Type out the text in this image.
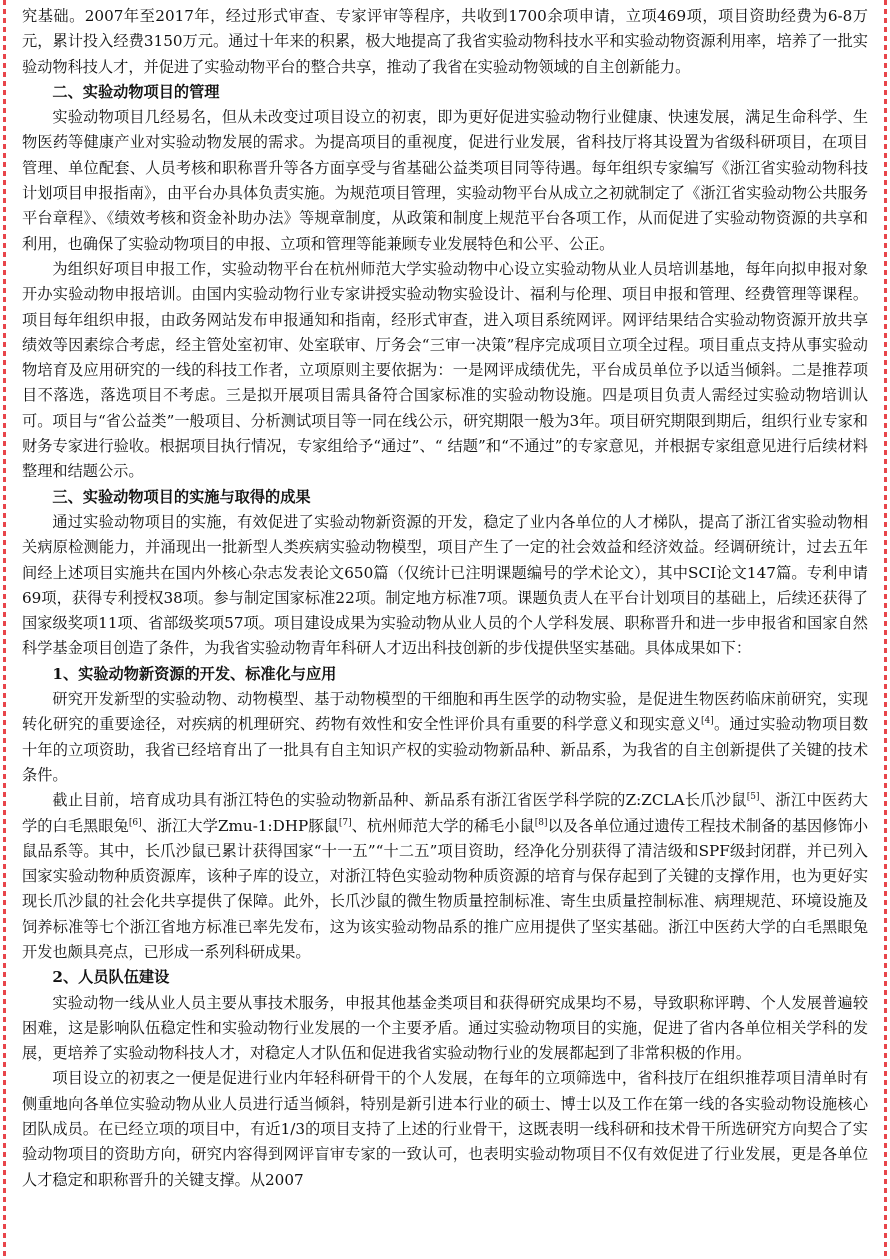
究基础。2007年至2017年，经过形式审查、专家评审等程序，共收到1700余项申请，立项469项，项目资助经费为6-8万元，累计投入经费3150万元。通过十年来的积累，极大地提高了我省实验动物科技水平和实验动物资源利用率，培养了一批实验动物科技人才，并促进了实验动物平台的整合共享，推动了我省在实验动物领域的自主创新能力。

二、实验动物项目的管理

实验动物项目几经易名，但从未改变过项目设立的初衷，即为更好促进实验动物行业健康、快速发展，满足生命科学、生物医药等健康产业对实验动物发展的需求。为提高项目的重视度，促进行业发展，省科技厅将其设置为省级科研项目，在项目管理、单位配套、人员考核和职称晋升等各方面享受与省基础公益类项目同等待遇。每年组织专家编写《浙江省实验动物科技计划项目申报指南》，由平台办具体负责实施。为规范项目管理，实验动物平台从成立之初就制定了《浙江省实验动物公共服务平台章程》、《绩效考核和资金补助办法》等规章制度，从政策和制度上规范平台各项工作，从而促进了实验动物资源的共享和利用，也确保了实验动物项目的申报、立项和管理等能兼顾专业发展特色和公平、公正。

为组织好项目申报工作，实验动物平台在杭州师范大学实验动物中心设立实验动物从业人员培训基地，每年向拟申报对象开办实验动物申报培训。由国内实验动物行业专家讲授实验动物实验设计、福利与伦理、项目申报和管理、经费管理等课程。项目每年组织申报，由政务网站发布申报通知和指南，经形式审查，进入项目系统网评。网评结果结合实验动物资源开放共享绩效等因素综合考虑，经主管处室初审、处室联审、厅务会“三审一决策”程序完成项目立项全过程。项目重点支持从事实验动物培育及应用研究的一线的科技工作者，立项原则主要依据为：一是网评成绩优先，平台成员单位予以适当倾斜。二是推荐项目不落选，落选项目不考虑。三是拟开展项目需具备符合国家标准的实验动物设施。四是项目负责人需经过实验动物培训认可。项目与“省公益类”一般项目、分析测试项目等一同在线公示，研究期限一般为3年。项目研究期限到期后，组织行业专家和财务专家进行验收。根据项目执行情况，专家组给予“通过”、“ 结题”和“不通过”的专家意见，并根据专家组意见进行后续材料整理和结题公示。

三、实验动物项目的实施与取得的成果

通过实验动物项目的实施，有效促进了实验动物新资源的开发，稳定了业内各单位的人才梯队，提高了浙江省实验动物相关病原检测能力，并涌现出一批新型人类疾病实验动物模型，项目产生了一定的社会效益和经济效益。经调研统计，过去五年间经上述项目实施共在国内外核心杂志发表论文650篇（仅统计已注明课题编号的学术论文），其中SCI论文147篇。专利申请69项，获得专利授权38项。参与制定国家标准22项。制定地方标准7项。课题负责人在平台计划项目的基础上，后续还获得了国家级奖项11项、省部级奖项57项。项目建设成果为实验动物从业人员的个人学科发展、职称晋升和进一步申报省和国家自然科学基金项目创造了条件，为我省实验动物青年科研人才迈出科技创新的步伐提供坚实基础。具体成果如下：

1、实验动物新资源的开发、标准化与应用

研究开发新型的实验动物、动物模型、基于动物模型的干细胞和再生医学的动物实验，是促进生物医药临床前研究，实现转化研究的重要途径，对疾病的机理研究、药物有效性和安全性评价具有重要的科学意义和现实意义[4]。通过实验动物项目数十年的立项资助，我省已经培育出了一批具有自主知识产权的实验动物新品种、新品系，为我省的自主创新提供了关键的技术条件。

截止目前，培育成功具有浙江特色的实验动物新品种、新品系有浙江省医学科学院的Z:ZCLA长爪沙鼠[5]、浙江中医药大学的白毛黑眼兔[6]、浙江大学Zmu-1:DHP豚鼠[7]、杭州师范大学的稀毛小鼠[8]以及各单位通过遗传工程技术制备的基因修饰小鼠品系等。其中，长爪沙鼠已累计获得国家“十一五”“十二五”项目资助，经净化分别获得了清洁级和SPF级封闭群，并已列入国家实验动物种质资源库，该种子库的设立，对浙江特色实验动物种质资源的培育与保存起到了关键的支撑作用，也为更好实现长爪沙鼠的社会化共享提供了保障。此外，长爪沙鼠的微生物质量控制标准、寄生虫质量控制标准、病理规范、环境设施及饲养标准等七个浙江省地方标准已率先发布，这为该实验动物品系的推广应用提供了坚实基础。浙江中医药大学的白毛黑眼兔开发也颇具亮点，已形成一系列科研成果。

2、人员队伍建设

实验动物一线从业人员主要从事技术服务，申报其他基金类项目和获得研究成果均不易，导致职称评聘、个人发展普遍较困难，这是影响队伍稳定性和实验动物行业发展的一个主要矛盾。通过实验动物项目的实施，促进了省内各单位相关学科的发展，更培养了实验动物科技人才，对稳定人才队伍和促进我省实验动物行业的发展都起到了非常积极的作用。

项目设立的初衷之一便是促进行业内年轻科研骨干的个人发展，在每年的立项筛选中，省科技厅在组织推荐项目清单时有侧重地向各单位实验动物从业人员进行适当倾斜，特别是新引进本行业的硕士、博士以及工作在第一线的各实验动物设施核心团队成员。在已经立项的项目中，有近1/3的项目支持了上述的行业骨干，这既表明一线科研和技术骨干所选研究方向契合了实验动物项目的资助方向，研究内容得到网评盲审专家的一致认可，也表明实验动物项目不仅有效促进了行业发展，更是各单位人才稳定和职称晋升的关键支撑。从2007
